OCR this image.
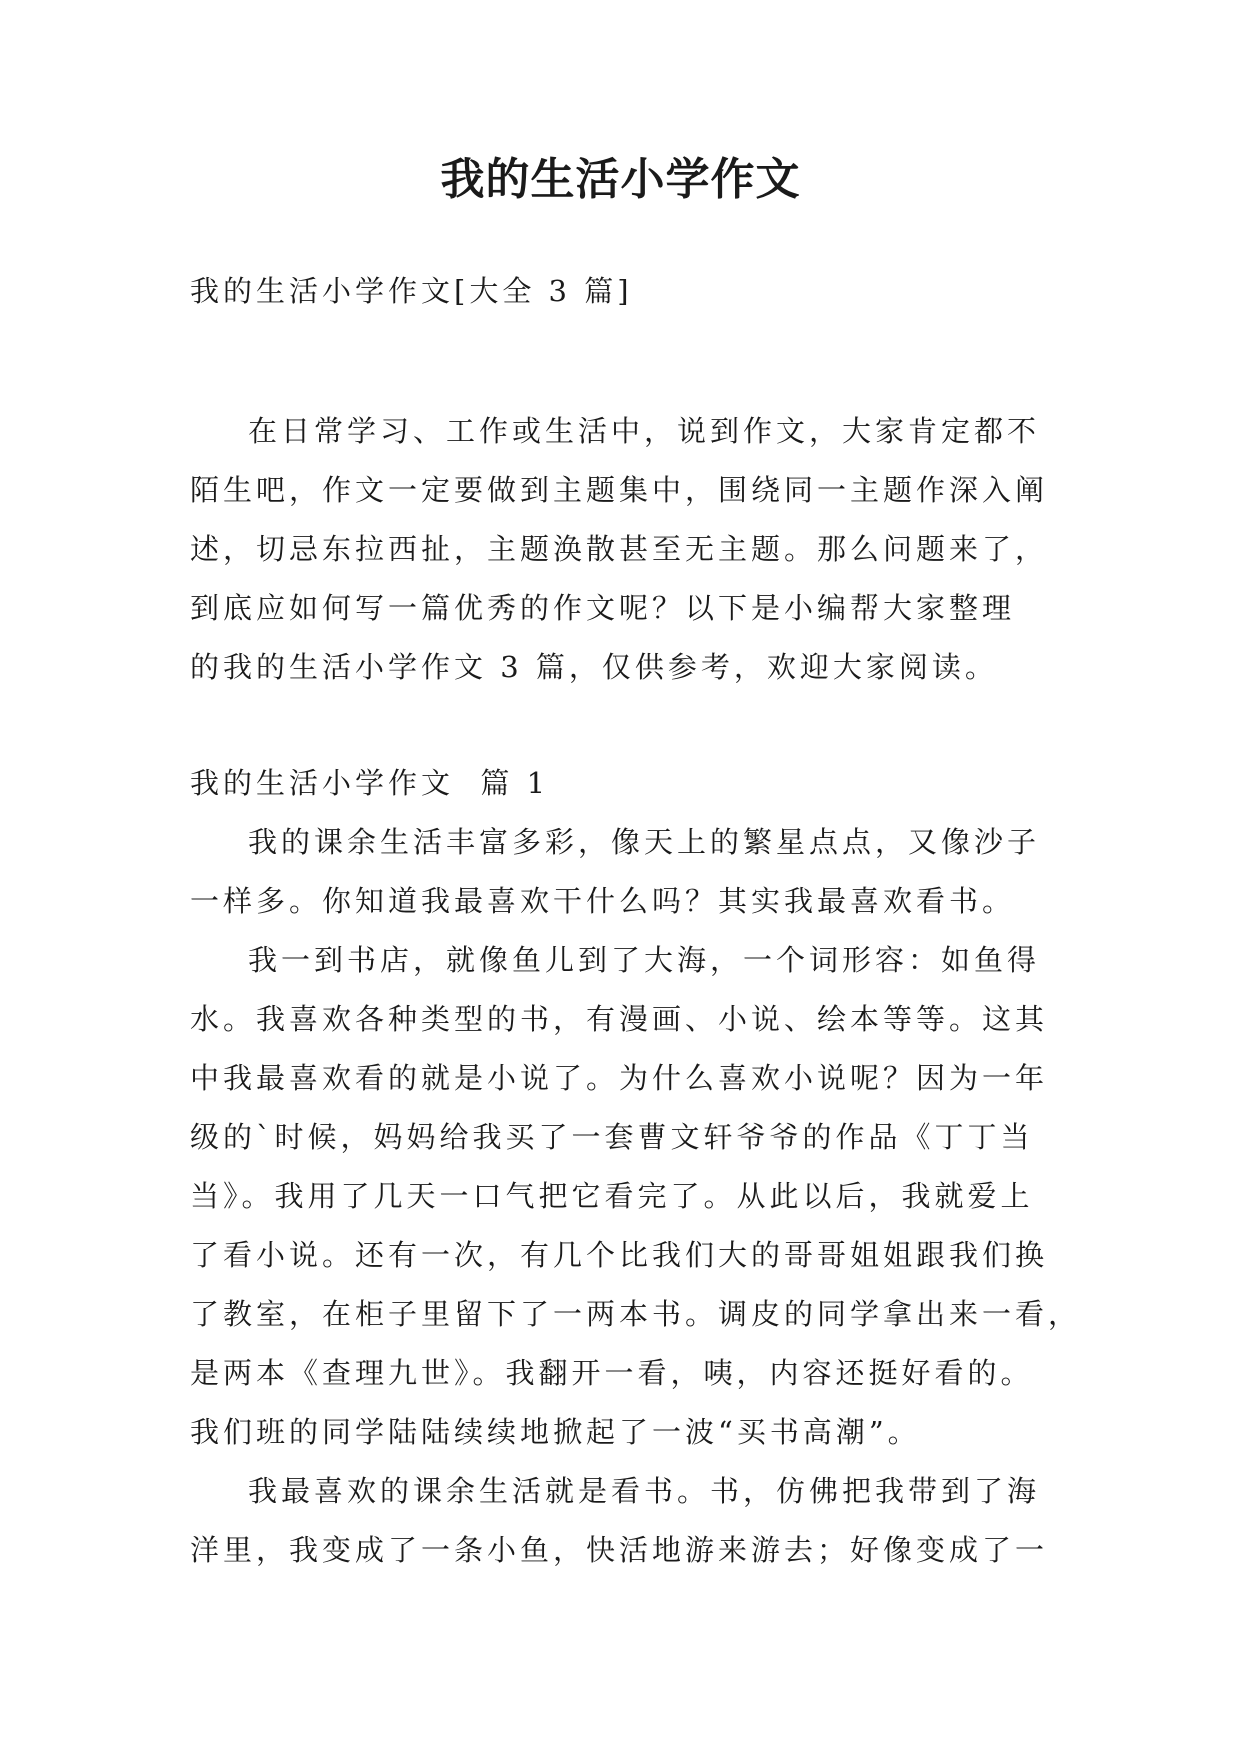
我的生活小学作文
我的生活小学作文[大全 3 篇]
在日常学习、工作或生活中，说到作文，大家肯定都不
陌生吧，作文一定要做到主题集中，围绕同一主题作深入阐
述，切忌东拉西扯，主题涣散甚至无主题。那么问题来了，
到底应如何写一篇优秀的作文呢？以下是小编帮大家整理
的我的生活小学作文 3 篇，仅供参考，欢迎大家阅读。
我的生活小学作文  篇 1
我的课余生活丰富多彩，像天上的繁星点点，又像沙子
一样多。你知道我最喜欢干什么吗？其实我最喜欢看书。
我一到书店，就像鱼儿到了大海，一个词形容：如鱼得
水。我喜欢各种类型的书，有漫画、小说、绘本等等。这其
中我最喜欢看的就是小说了。为什么喜欢小说呢？因为一年
级的`时候，妈妈给我买了一套曹文轩爷爷的作品《丁丁当
当》。我用了几天一口气把它看完了。从此以后，我就爱上
了看小说。还有一次，有几个比我们大的哥哥姐姐跟我们换
了教室，在柜子里留下了一两本书。调皮的同学拿出来一看，
是两本《查理九世》。我翻开一看，咦，内容还挺好看的。
我们班的同学陆陆续续地掀起了一波“买书高潮”。
我最喜欢的课余生活就是看书。书，仿佛把我带到了海
洋里，我变成了一条小鱼，快活地游来游去；好像变成了一
